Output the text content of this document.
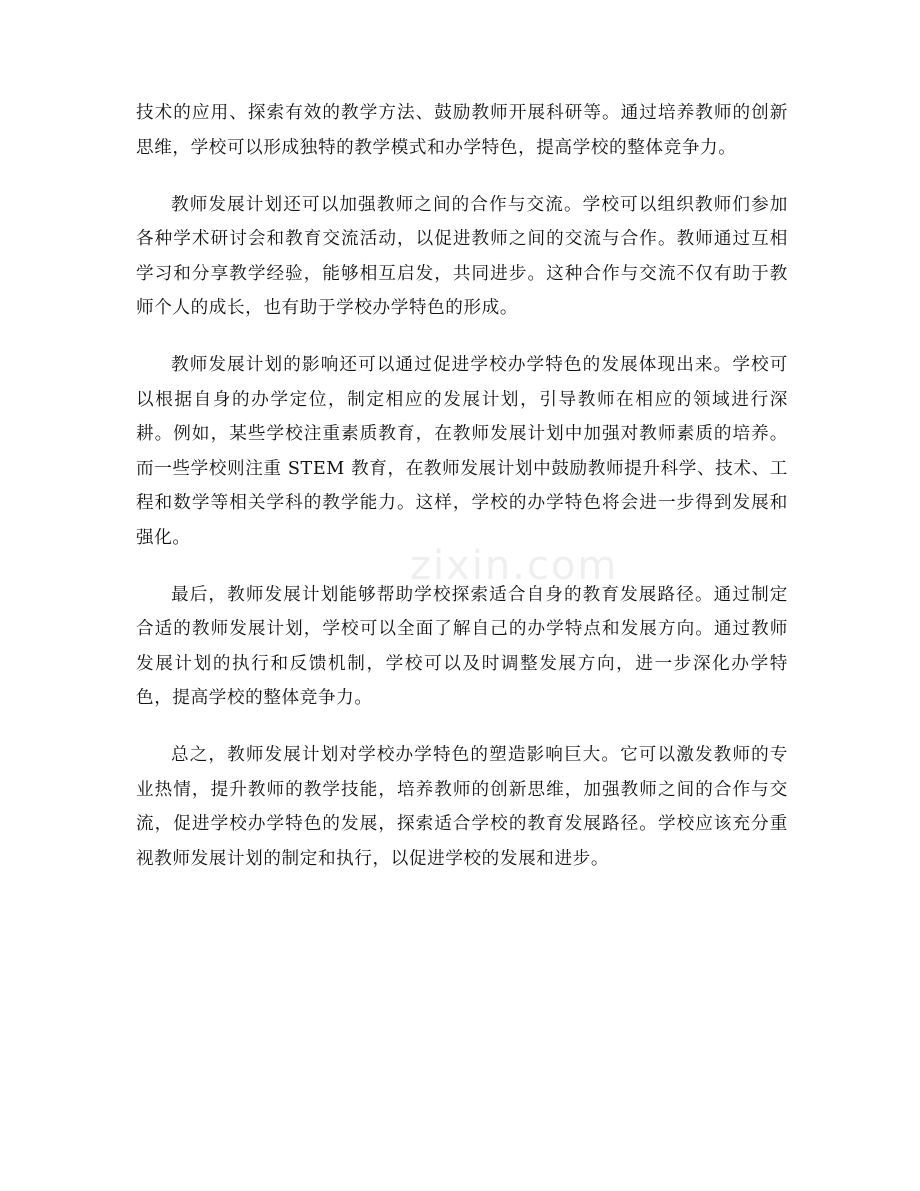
zixin.com

技术的应用、探索有效的教学方法、鼓励教师开展科研等。通过培养教师的创新思维，学校可以形成独特的教学模式和办学特色，提高学校的整体竞争力。

教师发展计划还可以加强教师之间的合作与交流。学校可以组织教师们参加各种学术研讨会和教育交流活动，以促进教师之间的交流与合作。教师通过互相学习和分享教学经验，能够相互启发，共同进步。这种合作与交流不仅有助于教师个人的成长，也有助于学校办学特色的形成。

教师发展计划的影响还可以通过促进学校办学特色的发展体现出来。学校可以根据自身的办学定位，制定相应的发展计划，引导教师在相应的领域进行深耕。例如，某些学校注重素质教育，在教师发展计划中加强对教师素质的培养。而一些学校则注重 STEM 教育，在教师发展计划中鼓励教师提升科学、技术、工程和数学等相关学科的教学能力。这样，学校的办学特色将会进一步得到发展和强化。

最后，教师发展计划能够帮助学校探索适合自身的教育发展路径。通过制定合适的教师发展计划，学校可以全面了解自己的办学特点和发展方向。通过教师发展计划的执行和反馈机制，学校可以及时调整发展方向，进一步深化办学特色，提高学校的整体竞争力。

总之，教师发展计划对学校办学特色的塑造影响巨大。它可以激发教师的专业热情，提升教师的教学技能，培养教师的创新思维，加强教师之间的合作与交流，促进学校办学特色的发展，探索适合学校的教育发展路径。学校应该充分重视教师发展计划的制定和执行，以促进学校的发展和进步。
